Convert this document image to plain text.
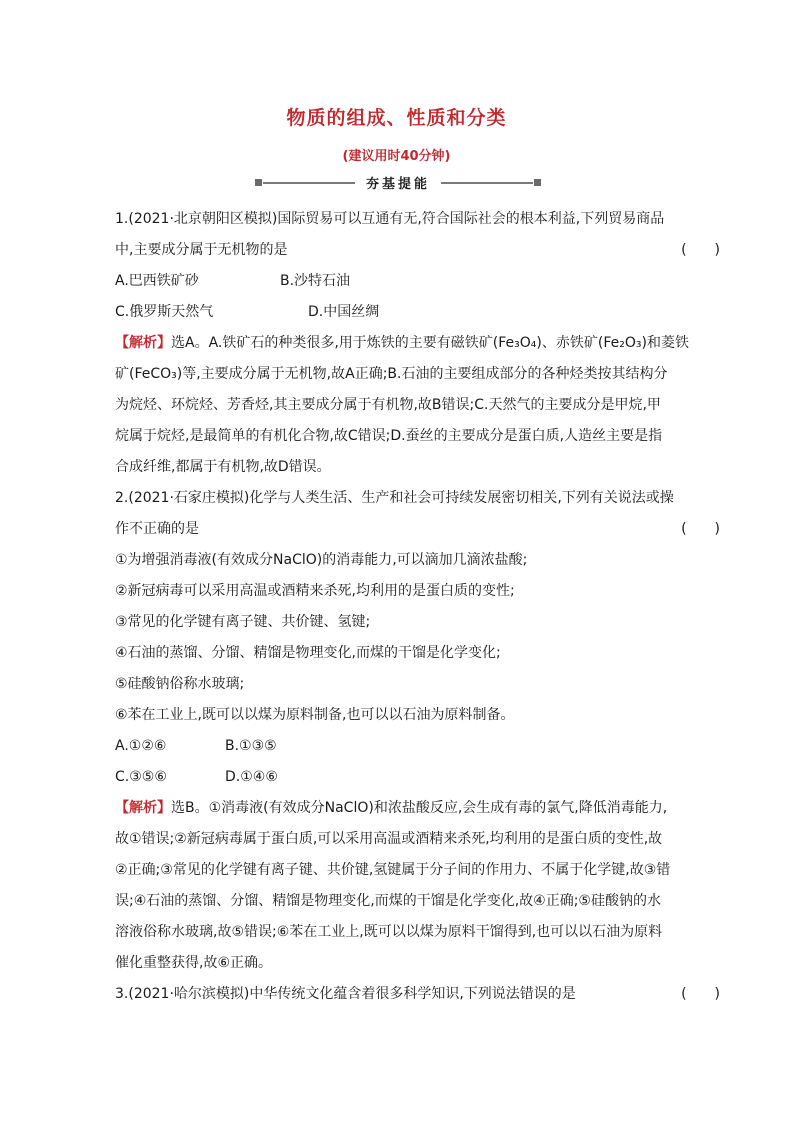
物质的组成、性质和分类
(建议用时40分钟)
夯基提能
1.(2021·北京朝阳区模拟)国际贸易可以互通有无,符合国际社会的根本利益,下列贸易商品
中,主要成分属于无机物的是	(　　)
A.巴西铁矿砂	B.沙特石油
C.俄罗斯天然气	D.中国丝绸
【解析】选A。A.铁矿石的种类很多,用于炼铁的主要有磁铁矿(Fe₃O₄)、赤铁矿(Fe₂O₃)和菱铁
矿(FeCO₃)等,主要成分属于无机物,故A正确;B.石油的主要组成部分的各种烃类按其结构分
为烷烃、环烷烃、芳香烃,其主要成分属于有机物,故B错误;C.天然气的主要成分是甲烷,甲
烷属于烷烃,是最简单的有机化合物,故C错误;D.蚕丝的主要成分是蛋白质,人造丝主要是指
合成纤维,都属于有机物,故D错误。
2.(2021·石家庄模拟)化学与人类生活、生产和社会可持续发展密切相关,下列有关说法或操
作不正确的是	(　　)
①为增强消毒液(有效成分NaClO)的消毒能力,可以滴加几滴浓盐酸;
②新冠病毒可以采用高温或酒精来杀死,均利用的是蛋白质的变性;
③常见的化学键有离子键、共价键、氢键;
④石油的蒸馏、分馏、精馏是物理变化,而煤的干馏是化学变化;
⑤硅酸钠俗称水玻璃;
⑥苯在工业上,既可以以煤为原料制备,也可以以石油为原料制备。
A.①②⑥	B.①③⑤
C.③⑤⑥	D.①④⑥
【解析】选B。①消毒液(有效成分NaClO)和浓盐酸反应,会生成有毒的氯气,降低消毒能力,
故①错误;②新冠病毒属于蛋白质,可以采用高温或酒精来杀死,均利用的是蛋白质的变性,故
②正确;③常见的化学键有离子键、共价键,氢键属于分子间的作用力、不属于化学键,故③错
误;④石油的蒸馏、分馏、精馏是物理变化,而煤的干馏是化学变化,故④正确;⑤硅酸钠的水
溶液俗称水玻璃,故⑤错误;⑥苯在工业上,既可以以煤为原料干馏得到,也可以以石油为原料
催化重整获得,故⑥正确。
3.(2021·哈尔滨模拟)中华传统文化蕴含着很多科学知识,下列说法错误的是	(　　)
